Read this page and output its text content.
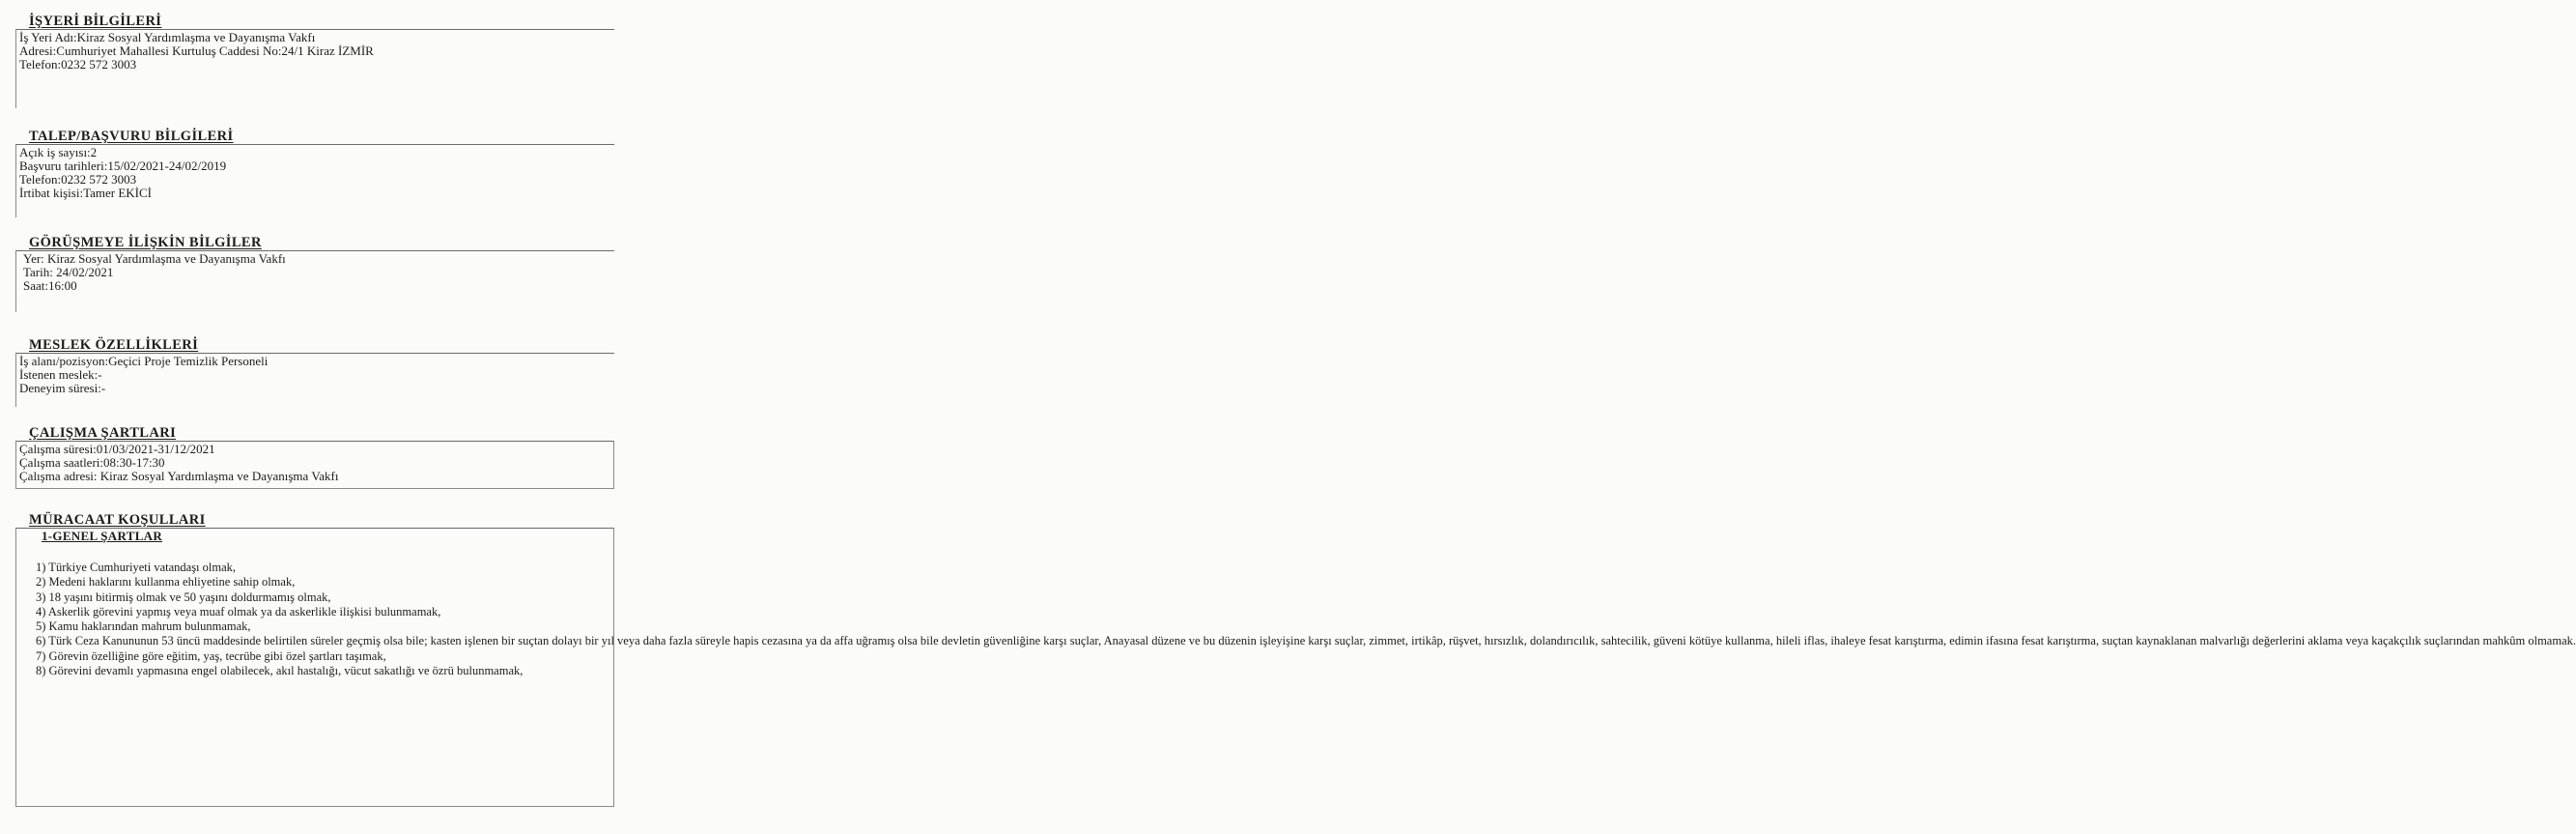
İŞYERİ BİLGİLERİ
İş Yeri Adı:Kiraz Sosyal Yardımlaşma ve Dayanışma Vakfı
Adresi:Cumhuriyet Mahallesi Kurtuluş Caddesi No:24/1 Kiraz İZMİR
Telefon:0232 572 3003
TALEP/BAŞVURU BİLGİLERİ
Açık iş sayısı:2
Başvuru tarihleri:15/02/2021-24/02/2019
Telefon:0232 572 3003
İrtibat kişisi:Tamer EKİCİ
GÖRÜŞMEYE İLİŞKİN BİLGİLER
Yer: Kiraz Sosyal Yardımlaşma ve Dayanışma Vakfı
Tarih: 24/02/2021
Saat:16:00
MESLEK ÖZELLİKLERİ
İş alanı/pozisyon:Geçici Proje Temizlik Personeli
İstenen meslek:-
Deneyim süresi:-
ÇALIŞMA ŞARTLARI
Çalışma süresi:01/03/2021-31/12/2021
Çalışma saatleri:08:30-17:30
Çalışma adresi: Kiraz Sosyal Yardımlaşma ve Dayanışma Vakfı
MÜRACAAT KOŞULLARI
1-GENEL ŞARTLAR

1) Türkiye Cumhuriyeti vatandaşı olmak,

2) Medeni haklarını kullanma ehliyetine sahip olmak,

3) 18 yaşını bitirmiş olmak ve 50 yaşını doldurmamış olmak,

4) Askerlik görevini yapmış veya muaf olmak ya da askerlikle ilişkisi bulunmamak,

5) Kamu haklarından mahrum bulunmamak,

6) Türk Ceza Kanununun 53 üncü maddesinde belirtilen süreler geçmiş olsa bile; kasten işlenen bir suçtan dolayı bir yıl veya daha fazla süreyle hapis cezasına ya da affa uğramış olsa bile devletin güvenliğine karşı suçlar, Anayasal düzene ve bu düzenin işleyişine karşı suçlar, zimmet, irtikâp, rüşvet, hırsızlık, dolandırıcılık, sahtecilik, güveni kötüye kullanma, hileli iflas, ihaleye fesat karıştırma, edimin ifasına fesat karıştırma, suçtan kaynaklanan malvarlığı değerlerini aklama veya kaçakçılık suçlarından mahkûm olmamak.

7) Görevin özelliğine göre eğitim, yaş, tecrübe gibi özel şartları taşımak,

8) Görevini devamlı yapmasına engel olabilecek, akıl hastalığı, vücut sakatlığı ve özrü bulunmamak,
